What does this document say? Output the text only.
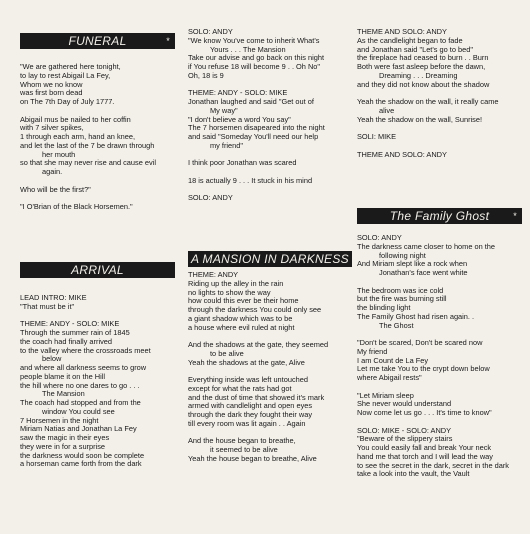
FUNERAL	*
"We are gathered here tonight,
to lay to rest Abigail La Fey,
Whom we no know
was first born dead
on The 7th Day of July 1777.
Abigail mus be nailed to her coffin
with 7 silver spikes,
1 through each arm, hand an knee,
and let the last of the 7 be drawn through
her mouth
so that she may never rise and cause evil
again.
Who will be the first?"
"I O'Brian of the Black Horsemen."
ARRIVAL
LEAD INTRO: MIKE
"That must be it"
THEME: ANDY - SOLO: MIKE
Through the summer rain of 1845
the coach had finally arrived
to the valley where the crossroads meet
below
and where all darkness seems to grow
people blame it on the Hill
the hill where no one dares to go . . .
The Mansion
The coach had stopped and from the
window You could see
7 Horsemen in the night
Miriam Natias and Jonathan La Fey
saw the magic in their eyes
they were in for a surprise
the darkness would soon be complete
a horseman came forth from the dark
SOLO: ANDY
"We know You've come to inherit What's
Yours . . . The Mansion
Take our advise and go back on this night
if You refuse 18 will become 9 . . Oh No"
Oh, 18 is 9
THEME: ANDY - SOLO: MIKE
Jonathan laughed and said "Get out of
My way"
"I don't believe a word You say"
The 7 horsemen disapeared into the night
and said "Someday You'll need our help
my friend"
I think poor Jonathan was scared
18 is actually 9 . . . It stuck in his mind
SOLO: ANDY
A MANSION IN DARKNESS
THEME: ANDY
Riding up the alley in the rain
no lights to show the way
how could this ever be their home
through the darkness You could only see
a giant shadow which was to be
a house where evil ruled at night
And the shadows at the gate, they seemed
to be alive
Yeah the shadows at the gate, Alive
Everything inside was left untouched
except for what the rats had got
and the dust of time that showed it's mark
armed with candlelight and open eyes
through the dark they fought their way
till every room was lit again . . Again
And the house began to breathe,
it seemed to be alive
Yeah the house began to breathe, Alive
THEME AND SOLO: ANDY
As the candlelight began to fade
and Jonathan said "Let's go to bed"
the fireplace had ceased to burn . . Burn
Both were fast asleep before the dawn,
Dreaming . . . Dreaming
and they did not know about the shadow
Yeah the shadow on the wall, it really came
alive
Yeah the shadow on the wall, Sunrise!
SOLI: MIKE
THEME AND SOLO: ANDY
The Family Ghost	*
SOLO: ANDY
The darkness came closer to home on the
following night
And Miriam slept like a rock when
Jonathan's face went white
The bedroom was ice cold
but the fire was burning still
the blinding light
The Family Ghost had risen again. .
The Ghost
"Don't be scared, Don't be scared now
My friend
I am Count de La Fey
Let me take You to the crypt down below
where Abigail rests"
"Let Miriam sleep
She never would understand
Now come let us go . . . It's time to know"
SOLO: MIKE - SOLO: ANDY
"Beware of the slippery stairs
You could easily fall and break Your neck
hand me that torch and I will lead the way
to see the secret in the dark, secret in the dark
take a look into the vault, the Vault
